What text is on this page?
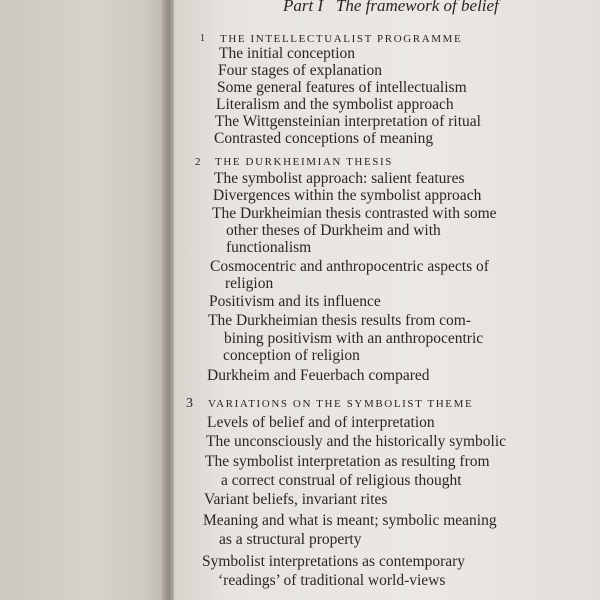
Part I   The framework of belief
1 THE INTELLECTUALIST PROGRAMME
The initial conception
Four stages of explanation
Some general features of intellectualism
Literalism and the symbolist approach
The Wittgensteinian interpretation of ritual
Contrasted conceptions of meaning
2 THE DURKHEIMIAN THESIS
The symbolist approach: salient features
Divergences within the symbolist approach
The Durkheimian thesis contrasted with some
other theses of Durkheim and with
functionalism
Cosmocentric and anthropocentric aspects of
religion
Positivism and its influence
The Durkheimian thesis results from com-
bining positivism with an anthropocentric
conception of religion
Durkheim and Feuerbach compared
3 VARIATIONS ON THE SYMBOLIST THEME
Levels of belief and of interpretation
The unconsciously and the historically symbolic
The symbolist interpretation as resulting from
a correct construal of religious thought
Variant beliefs, invariant rites
Meaning and what is meant; symbolic meaning
as a structural property
Symbolist interpretations as contemporary
‘readings’ of traditional world-views
